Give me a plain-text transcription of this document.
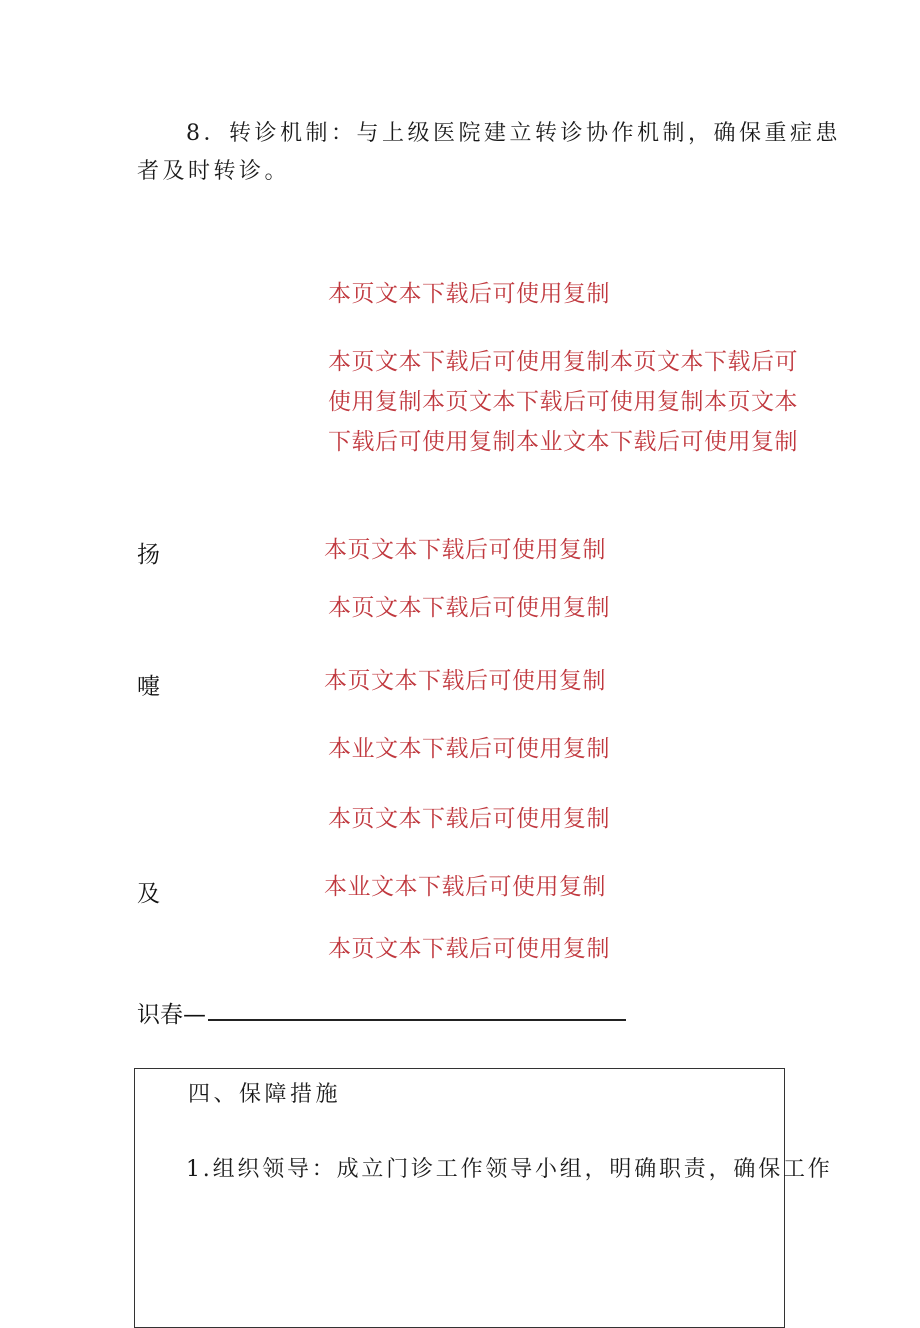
8．转诊机制：与上级医院建立转诊协作机制，确保重症患
者及时转诊。
本页文本下载后可使用复制
本页文本下载后可使用复制本页文本下载后可使用复制本页文本下载后可使用复制本页文本下载后可使用复制本业文本下载后可使用复制
扬	本页文本下载后可使用复制
本页文本下载后可使用复制
嚏	本页文本下载后可使用复制
本业文本下载后可使用复制
本页文本下载后可使用复制
及	本业文本下载后可使用复制
本页文本下载后可使用复制
识春—
四、保障措施
1.组织领导：成立门诊工作领导小组，明确职责，确保工作
